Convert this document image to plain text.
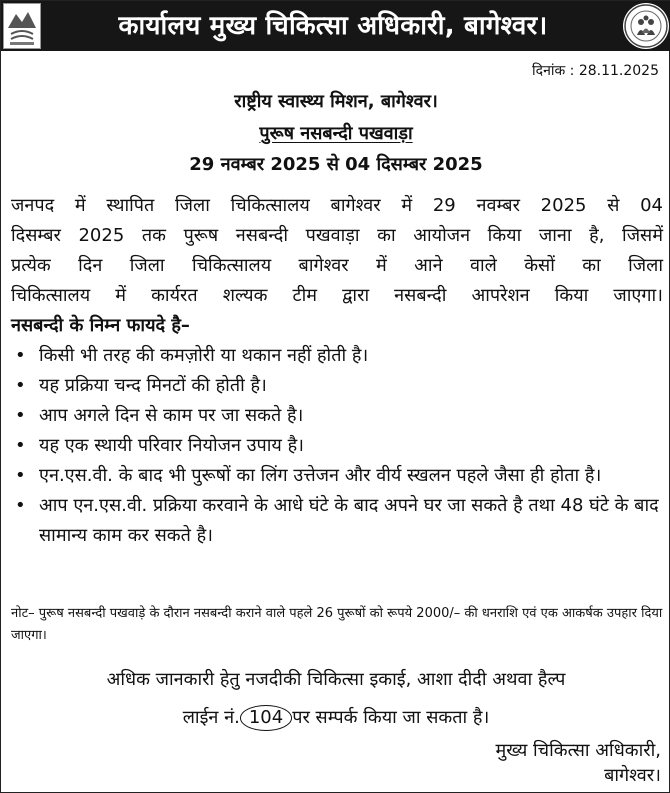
कार्यालय मुख्य चिकित्सा अधिकारी, बागेश्वर।
दिनांक : 28.11.2025
राष्ट्रीय स्वास्थ्य मिशन, बागेश्वर।
पुरूष नसबन्दी पखवाड़ा
29 नवम्बर 2025 से 04 दिसम्बर 2025
जनपद में स्थापित जिला चिकित्सालय बागेश्वर में 29 नवम्बर 2025 से 04
दिसम्बर 2025 तक पुरूष नसबन्दी पखवाड़ा का आयोजन किया जाना है, जिसमें
प्रत्येक दिन जिला चिकित्सालय बागेश्वर में आने वाले केसों का जिला
चिकित्सालय में कार्यरत शल्यक टीम द्वारा नसबन्दी आपरेशन किया जाएगा।
नसबन्दी के निम्न फायदे है–
• किसी भी तरह की कमज़ोरी या थकान नहीं होती है।
• यह प्रक्रिया चन्द मिनटों की होती है।
• आप अगले दिन से काम पर जा सकते है।
• यह एक स्थायी परिवार नियोजन उपाय है।
• एन.एस.वी. के बाद भी पुरूषों का लिंग उत्तेजन और वीर्य स्खलन पहले जैसा ही होता है।
• आप एन.एस.वी. प्रक्रिया करवाने के आधे घंटे के बाद अपने घर जा सकते है तथा 48 घंटे के बाद सामान्य काम कर सकते है।
नोट– पुरूष नसबन्दी पखवाड़े के दौरान नसबन्दी कराने वाले पहले 26 पुरूषों को रूपये 2000/– की धनराशि एवं एक आकर्षक उपहार दिया जाएगा।
अधिक जानकारी हेतु नजदीकी चिकित्सा इकाई, आशा दीदी अथवा हैल्प
लाईन नं. 104 पर सम्पर्क किया जा सकता है।
मुख्य चिकित्सा अधिकारी,
बागेश्वर।
